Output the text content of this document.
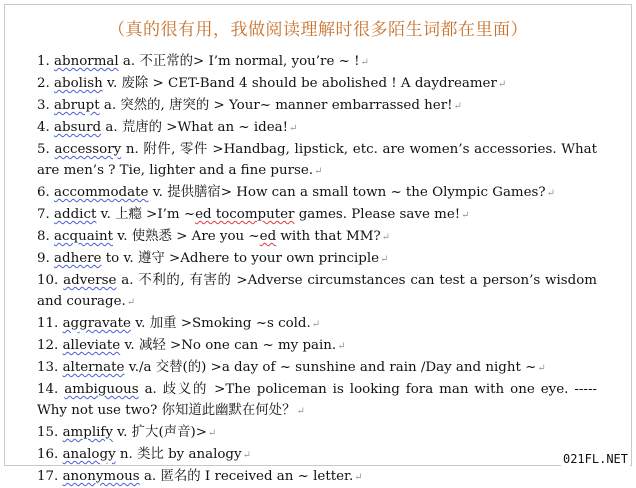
（真的很有用，我做阅读理解时很多陌生词都在里面）
1. abnormal a. 不正常的> I’m normal, you’re ~ !↵
2. abolish v. 废除 > CET-Band 4 should be abolished ! A daydreamer↵
3. abrupt a. 突然的, 唐突的 > Your~ manner embarrassed her!↵
4. absurd a. 荒唐的 >What an ~ idea!↵
5. accessory n. 附件, 零件 >Handbag, lipstick, etc. are women’s accessories. What are men’s ? Tie, lighter and a fine purse.↵
6. accommodate v. 提供膳宿> How can a small town ~ the Olympic Games?↵
7. addict v. 上瘾 >I’m ~ed tocomputer games. Please save me!↵
8. acquaint v. 使熟悉 > Are you ~ed with that MM?↵
9. adhere to v. 遵守 >Adhere to your own principle↵
10. adverse a. 不利的, 有害的 >Adverse circumstances can test a person’s wisdom and courage.↵
11. aggravate v. 加重 >Smoking ~s cold.↵
12. alleviate v. 减轻 >No one can ~ my pain.↵
13. alternate v./a 交替(的) >a day of ~ sunshine and rain /Day and night ~↵
14. ambiguous a. 歧义的 >The policeman is looking fora man with one eye. -----Why not use two? 你知道此幽默在何处？↵
15. amplify v. 扩大(声音)>↵
16. analogy n. 类比 by analogy↵
17. anonymous a. 匿名的 I received an ~ letter.↵
021FL.NET
